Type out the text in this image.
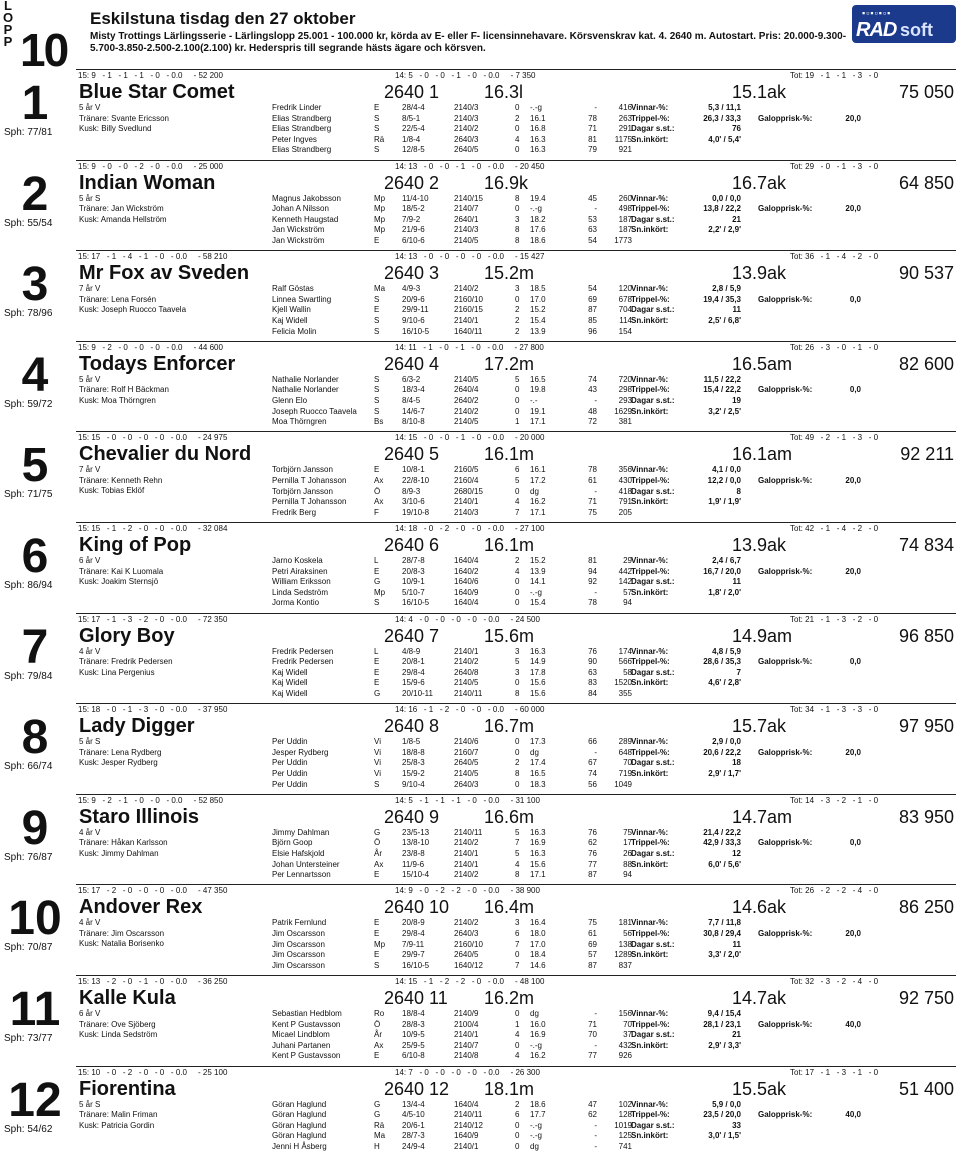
L
O
P
P 10
Eskilstuna tisdag den 27 oktober
Misty Trottings Lärlingsserie - Lärlingslopp 25.001 - 100.000 kr, körda av E- eller F- licensinnehavare. Körsvenskrav kat. 4. 2640 m. Autostart. Pris: 20.000-9.300-5.700-3.850-2.500-2.100(2.100) kr. Hederspris till segrande hästs ägare och körsven.
▪▫▪▫▪▫▪
RAD soft
15: 9   - 1   - 1   - 1   - 0   - 0.0     - 52 200	14: 5   - 0   - 0   - 1   - 0   - 0.0     - 7 350	Tot: 19   - 1   - 1   - 3   - 0
1
Sph: 77/81
Blue Star Comet	2640 1 16.3l	15.1ak	75 050
5 år V
Tränare: Svante Ericsson
Kusk: Billy Svedlund
Fredrik Linder	E	28/4-4	2140/3	0 -.-g	-	416
Elias Strandberg	S	8/5-1	2140/3	2 16.1	78	263
Elias Strandberg	S	22/5-4	2140/2	0 16.8	71	291
Peter Ingves	Rä 1/8-4	2640/3	4 16.3	81	1175
Elias Strandberg	S	12/8-5	2640/5	0 16.3	79	921
Vinnar-%:	5,3 / 11,1
Trippel-%:	26,3 / 33,3 Galopprisk-%:	20,0
Dagar s.st.:	76
Sn.inkört:	4,0' / 5,4'
15: 9   - 0   - 0   - 2   - 0   - 0.0     - 25 000	14: 13   - 0   - 0   - 1   - 0   - 0.0     - 20 450	Tot: 29   - 0   - 1   - 3   - 0
2
Sph: 55/54
Indian Woman	2640 2 16.9k	16.7ak	64 850
5 år S
Tränare: Jan Wickström
Kusk: Amanda Hellström
Magnus Jakobsson	Mp 11/4-10	2140/15	8 19.4	45	260
Johan A Nilsson	Mp 18/5-2	2140/7	0 -.-g	-	498
Kenneth Haugstad	Mp 7/9-2	2640/1	3 18.2	53	187
Jan Wickström	Mp 21/9-6	2140/3	8 17.6	63	187
Jan Wickström	E	6/10-6	2140/5	8 18.6	54	1773
Vinnar-%:	0,0 / 0,0
Trippel-%:	13,8 / 22,2 Galopprisk-%:	20,0
Dagar s.st.:	21
Sn.inkört:	2,2' / 2,9'
15: 17   - 1   - 4   - 1   - 0   - 0.0     - 58 210	14: 13   - 0   - 0   - 0   - 0   - 0.0     - 15 427	Tot: 36   - 1   - 4   - 2   - 0
3
Sph: 78/96
Mr Fox av Sveden	2640 3 15.2m	13.9ak	90 537
7 år V
Tränare: Lena Forsén
Kusk: Joseph Ruocco Taavela
Ralf Göstas	Ma 4/9-3	2140/2	3 18.5	54	120
Linnea Swartling	S	20/9-6	2160/10	0 17.0	69	678
Kjell Wallin	E	29/9-11	2160/15	2 15.2	87	704
Kaj Widell	S	9/10-6	2140/1	2 15.4	85	114
Felicia Molin	S	16/10-5	1640/11	2 13.9	96	154
Vinnar-%:	2,8 / 5,9
Trippel-%:	19,4 / 35,3 Galopprisk-%:	0,0
Dagar s.st.:	11
Sn.inkört:	2,5' / 6,8'
15: 9   - 2   - 0   - 0   - 0   - 0.0     - 44 600	14: 11   - 1   - 0   - 1   - 0   - 0.0     - 27 800	Tot: 26   - 3   - 0   - 1   - 0
4
Sph: 59/72
Todays Enforcer	2640 4 17.2m	16.5am	82 600
5 år V
Tränare: Rolf H Bäckman
Kusk: Moa Thörngren
Nathalie Norlander	S	6/3-2	2140/5	5 16.5	74	720
Nathalie Norlander	S	18/3-4	2640/4	0 19.8	43	298
Glenn Elo	S	8/4-5	2640/2	0 -.-	-	293
Joseph Ruocco Taavela S	14/6-7	2140/2	0 19.1	48	1629
Moa Thörngren	Bs 8/10-8	2140/5	1 17.1	72	381
Vinnar-%:	11,5 / 22,2
Trippel-%:	15,4 / 22,2 Galopprisk-%:	0,0
Dagar s.st.:	19
Sn.inkört:	3,2' / 2,5'
15: 15   - 0   - 0   - 0   - 0   - 0.0     - 24 975	14: 15   - 0   - 0   - 1   - 0   - 0.0     - 20 000	Tot: 49   - 2   - 1   - 3   - 0
5
Sph: 71/75
Chevalier du Nord	2640 5 16.1m	16.1am	92 211
7 år V
Tränare: Kenneth Rehn
Kusk: Tobias Eklöf
Torbjörn Jansson	E	10/8-1	2160/5	6 16.1	78	356
Pernilla T Johansson	Ax 22/8-10	2160/4	5 17.2	61	430
Torbjörn Jansson	Ö	8/9-3	2680/15	0 dg	-	418
Pernilla T Johansson	Ax 3/10-6	2140/1	4 16.2	71	791
Fredrik Berg	F	19/10-8	2140/3	7 17.1	75	205
Vinnar-%:	4,1 / 0,0
Trippel-%:	12,2 / 0,0 Galopprisk-%:	20,0
Dagar s.st.:	8
Sn.inkört:	1,9' / 1,9'
15: 15   - 1   - 2   - 0   - 0   - 0.0     - 32 084	14: 18   - 0   - 2   - 0   - 0   - 0.0     - 27 100	Tot: 42   - 1   - 4   - 2   - 0
6
Sph: 86/94
King of Pop	2640 6 16.1m	13.9ak	74 834
6 år V
Tränare: Kai K Luomala
Kusk: Joakim Sternsjö
Jarno Koskela	L	28/7-8	1640/4	2 15.2	81	29
Petri Airaksinen	E	20/8-3	1640/2	4 13.9	94	442
William Eriksson	G	10/9-1	1640/6	0 14.1	92	142
Linda Sedström	Mp 5/10-7	1640/9	0 -.-g	-	57
Jorma Kontio	S	16/10-5	1640/4	0 15.4	78	94
Vinnar-%:	2,4 / 6,7
Trippel-%:	16,7 / 20,0 Galopprisk-%:	20,0
Dagar s.st.:	11
Sn.inkört:	1,8' / 2,0'
15: 17   - 1   - 3   - 2   - 0   - 0.0     - 72 350	14: 4   - 0   - 0   - 0   - 0   - 0.0     - 24 500	Tot: 21   - 1   - 3   - 2   - 0
7
Sph: 79/84
Glory Boy	2640 7 15.6m	14.9am	96 850
4 år V
Tränare: Fredrik Pedersen
Kusk: Lina Pergenius
Fredrik Pedersen	L	4/8-9	2140/1	3 16.3	76	174
Fredrik Pedersen	E	20/8-1	2140/2	5 14.9	90	566
Kaj Widell	E	29/8-4	2640/8	3 17.8	63	58
Kaj Widell	E	15/9-6	2140/5	0 15.6	83	1520
Kaj Widell	G	20/10-11	2140/11	8 15.6	84	355
Vinnar-%:	4,8 / 5,9
Trippel-%:	28,6 / 35,3 Galopprisk-%:	0,0
Dagar s.st.:	7
Sn.inkört:	4,6' / 2,8'
15: 18   - 0   - 1   - 3   - 0   - 0.0     - 37 950	14: 16   - 1   - 2   - 0   - 0   - 0.0     - 60 000	Tot: 34   - 1   - 3   - 3   - 0
8
Sph: 66/74
Lady Digger	2640 8 16.7m	15.7ak	97 950
5 år S
Tränare: Lena Rydberg
Kusk: Jesper Rydberg
Per Uddin	Vi	1/8-5	2140/6	0 17.3	66	289
Jesper Rydberg	Vi	18/8-8	2160/7	0 dg	-	648
Per Uddin	Vi	25/8-3	2640/5	2 17.4	67	70
Per Uddin	Vi	15/9-2	2140/5	8 16.5	74	719
Per Uddin	S	9/10-4	2640/3	0 18.3	56	1049
Vinnar-%:	2,9 / 0,0
Trippel-%:	20,6 / 22,2 Galopprisk-%:	20,0
Dagar s.st.:	18
Sn.inkört:	2,9' / 1,7'
15: 9   - 2   - 1   - 0   - 0   - 0.0     - 52 850	14: 5   - 1   - 1   - 1   - 0   - 0.0     - 31 100	Tot: 14   - 3   - 2   - 1   - 0
9
Sph: 76/87
Staro Illinois	2640 9 16.6m	14.7am	83 950
4 år V
Tränare: Håkan Karlsson
Kusk: Jimmy Dahlman
Jimmy Dahlman	G	23/5-13	2140/11	5 16.3	76	75
Björn Goop	Ö	13/8-10	2140/2	7 16.9	62	17
Elsie Hafskjold	År	23/8-8	2140/1	5 16.3	76	26
Johan Untersteiner	Ax 11/9-6	2140/1	4 15.6	77	88
Per Lennartsson	E	15/10-4	2140/2	8 17.1	87	94
Vinnar-%:	21,4 / 22,2
Trippel-%:	42,9 / 33,3 Galopprisk-%:	0,0
Dagar s.st.:	12
Sn.inkört:	6,0' / 5,6'
15: 17   - 2   - 0   - 0   - 0   - 0.0     - 47 350	14: 9   - 0   - 2   - 2   - 0   - 0.0     - 38 900	Tot: 26   - 2   - 2   - 4   - 0
10
Sph: 70/87
Andover Rex	2640 10 16.4m	14.6ak	86 250
4 år V
Tränare: Jim Oscarsson
Kusk: Natalia Borisenko
Patrik Fernlund	E	20/8-9	2140/2	3 16.4	75	181
Jim Oscarsson	E	29/8-4	2640/3	6 18.0	61	56
Jim Oscarsson	Mp 7/9-11	2160/10	7 17.0	69	138
Jim Oscarsson	E	29/9-7	2640/5	0 18.4	57	1289
Jim Oscarsson	S	16/10-5	1640/12	7 14.6	87	837
Vinnar-%:	7,7 / 11,8
Trippel-%:	30,8 / 29,4 Galopprisk-%:	20,0
Dagar s.st.:	11
Sn.inkört:	3,3' / 2,0'
15: 13   - 2   - 0   - 1   - 0   - 0.0     - 36 250	14: 15   - 1   - 2   - 2   - 0   - 0.0     - 48 100	Tot: 32   - 3   - 2   - 4   - 0
11
Sph: 73/77
Kalle Kula	2640 11 16.2m	14.7ak	92 750
6 år V
Tränare: Ove Sjöberg
Kusk: Linda Sedström
Sebastian Hedblom	Ro 18/8-4	2140/9	0 dg	-	156
Kent P Gustavsson	Ö	28/8-3	2100/4	1 16.0	71	70
Micael Lindblom	År	10/9-5	2140/1	4 16.9	70	37
Juhani Partanen	Ax 25/9-5	2140/7	0 -.-g	-	432
Kent P Gustavsson	E	6/10-8	2140/8	4 16.2	77	926
Vinnar-%:	9,4 / 15,4
Trippel-%:	28,1 / 23,1 Galopprisk-%:	40,0
Dagar s.st.:	21
Sn.inkört:	2,9' / 3,3'
15: 10   - 0   - 2   - 0   - 0   - 0.0     - 25 100	14: 7   - 0   - 0   - 0   - 0   - 0.0     - 26 300	Tot: 17   - 1   - 3   - 1   - 0
12
Sph: 54/62
Fiorentina	2640 12 18.1m	15.5ak	51 400
5 år S
Tränare: Malin Friman
Kusk: Patricia Gordin
Göran Haglund	G	13/4-4	1640/4	2 18.6	47	102
Göran Haglund	G	4/5-10	2140/11	6 17.7	62	128
Göran Haglund	Rä 20/6-1	2140/12	0 -.-g	-	1019
Göran Haglund	Ma 28/7-3	1640/9	0 -.-g	-	125
Jenni H Åsberg	H	24/9-4	2140/1	0 dg	-	741
Vinnar-%:	5,9 / 0,0
Trippel-%:	23,5 / 20,0 Galopprisk-%:	40,0
Dagar s.st.:	33
Sn.inkört:	3,0' / 1,5'
